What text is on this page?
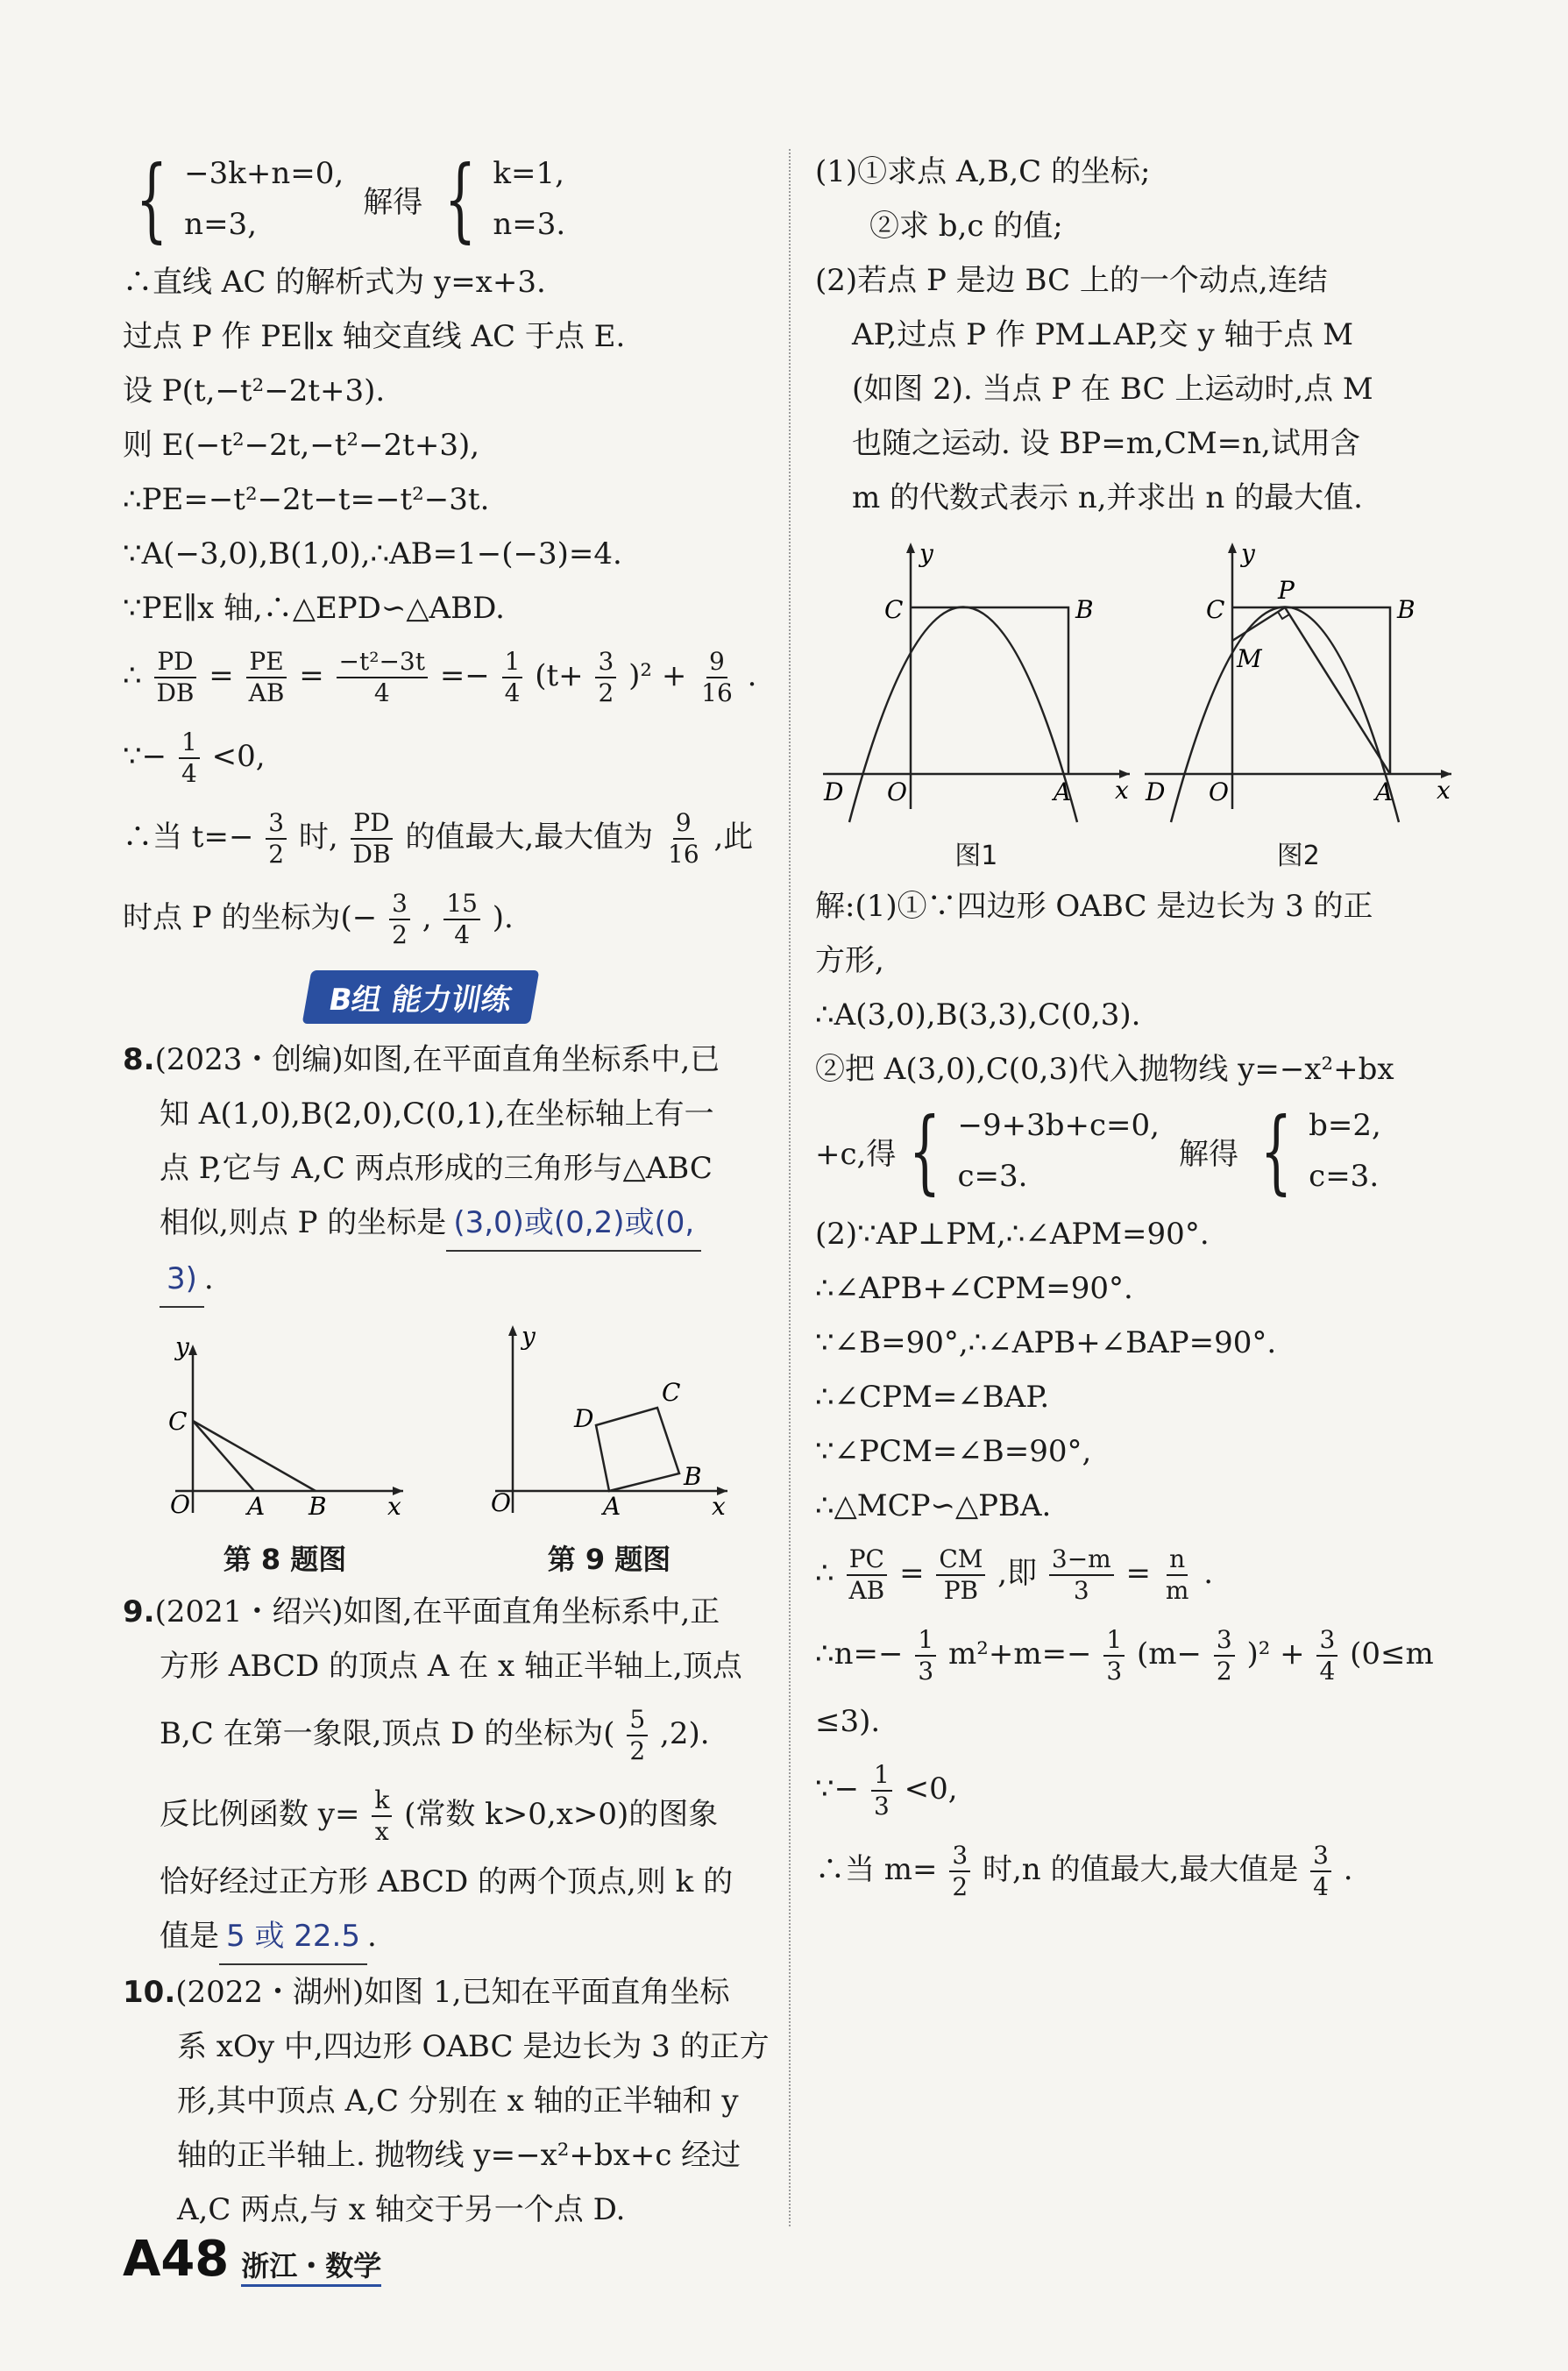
{ −3k+n=0,
n=3,
解得 { k=1,
n=3.
∴直线 AC 的解析式为 y=x+3.
过点 P 作 PE∥x 轴交直线 AC 于点 E.
设 P(t,−t²−2t+3).
则 E(−t²−2t,−t²−2t+3),
∴PE=−t²−2t−t=−t²−3t.
∵A(−3,0),B(1,0),∴AB=1−(−3)=4.
∵PE∥x 轴,∴△EPD∽△ABD.
∴ $\frac{PD}{DB} = \frac{PE}{AB} = \frac{\text{−t²−3t}}{4} =- \frac{1}{4} (t+ \frac{3}{2} )^2 + \frac{9}{16}$ .
∵− $\frac{1}{4} <0$,
∴当 $t=- \frac{3}{2}$ 时, $\frac{PD}{DB}$ 的值最大,最大值为 $\frac{9}{16}$ ,此
时点 P 的坐标为(− $\frac{3}{2}$ , $\frac{15}{4}$ ).
B组 能力训练
8.(2023・创编)如图,在平面直角坐标系中,已
知 A(1,0),B(2,0),C(0,1),在坐标轴上有一
点 P,它与 A,C 两点形成的三角形与△ABC
相似,则点 P 的坐标是 (3,0)或(0,2)或(0,
3) .
y
C
O A B x
第 8 题图
y
O	A
B
C
D
x
第 9 题图
9.(2021・绍兴)如图,在平面直角坐标系中,正
方形 ABCD 的顶点 A 在 x 轴正半轴上,顶点
B,C 在第一象限,顶点 D 的坐标为( $\frac{5}{2} ,2$).
反比例函数 $y= \frac{k}{x}$ (常数 k>0,x>0)的图象
恰好经过正方形 ABCD 的两个顶点,则 k 的
值是 5 或 22.5 .
10.(2022・湖州)如图 1,已知在平面直角坐标
系 xOy 中,四边形 OABC 是边长为 3 的正方
形,其中顶点 A,C 分别在 x 轴的正半轴和 y
轴的正半轴上. 抛物线 y=−x²+bx+c 经过
A,C 两点,与 x 轴交于另一个点 D.
(1)①求点 A,B,C 的坐标;
②求 b,c 的值;
(2)若点 P 是边 BC 上的一个动点,连结
AP,过点 P 作 PM⊥AP,交 y 轴于点 M
(如图 2). 当点 P 在 BC 上运动时,点 M
也随之运动. 设 BP=m,CM=n,试用含
m 的代数式表示 n,并求出 n 的最大值.
y
C	B
D O	A x
图1
y
C
P
B
M
D O	A x
图2
解:(1)①∵四边形 OABC 是边长为 3 的正
方形,
∴A(3,0),B(3,3),C(0,3).
②把 A(3,0),C(0,3)代入抛物线 y=−x²+bx
+c,得 { −9+3b+c=0,
c=3.
解得 { b=2,
c=3.
(2)∵AP⊥PM,∴∠APM=90°.
∴∠APB+∠CPM=90°.
∵∠B=90°,∴∠APB+∠BAP=90°.
∴∠CPM=∠BAP.
∵∠PCM=∠B=90°,
∴△MCP∽△PBA.
∴ $\frac{PC}{AB} = \frac{CM}{PB}$ ,即 $\frac{3-m}{3} = \frac{n}{m}$ .
∴n=− $\frac{1}{3} m^2+m=- \frac{1}{3} (m- \frac{3}{2} )^2 + \frac{3}{4} (0\le m$
≤3).
∵− $\frac{1}{3} <0$,
∴当 $m= \frac{3}{2}$ 时,n 的值最大,最大值是 $\frac{3}{4}$ .
A48 浙江・数学
